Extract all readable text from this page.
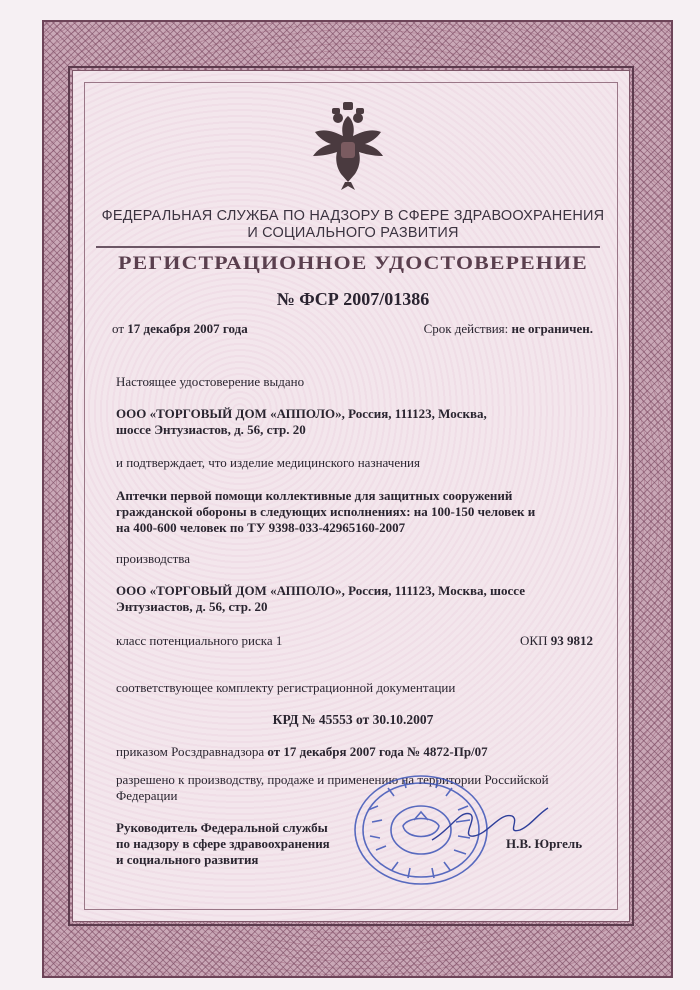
ФЕДЕРАЛЬНАЯ СЛУЖБА ПО НАДЗОРУ В СФЕРЕ ЗДРАВООХРАНЕНИЯ
И СОЦИАЛЬНОГО РАЗВИТИЯ
РЕГИСТРАЦИОННОЕ УДОСТОВЕРЕНИЕ
№ ФСР 2007/01386
от 17 декабря 2007 года	Срок действия: не ограничен.
Настоящее удостоверение выдано
ООО «ТОРГОВЫЙ ДОМ «АППОЛО», Россия, 111123, Москва,
шоссе Энтузиастов, д. 56, стр. 20
и подтверждает, что изделие медицинского назначения
Аптечки первой помощи коллективные для защитных сооружений
гражданской обороны в следующих исполнениях: на 100-150 человек и
на 400-600 человек по ТУ 9398-033-42965160-2007
производства
ООО «ТОРГОВЫЙ ДОМ «АППОЛО», Россия, 111123, Москва, шоссе
Энтузиастов, д. 56, стр. 20
класс потенциального риска 1	ОКП 93 9812
соответствующее комплекту регистрационной документации
КРД № 45553 от 30.10.2007
приказом Росздравнадзора от 17 декабря 2007 года № 4872-Пр/07
разрешено к производству, продаже и применению на территории Российской
Федерации
Руководитель Федеральной службы
по надзору в сфере здравоохранения
и социального развития
Н.В. Юргель
